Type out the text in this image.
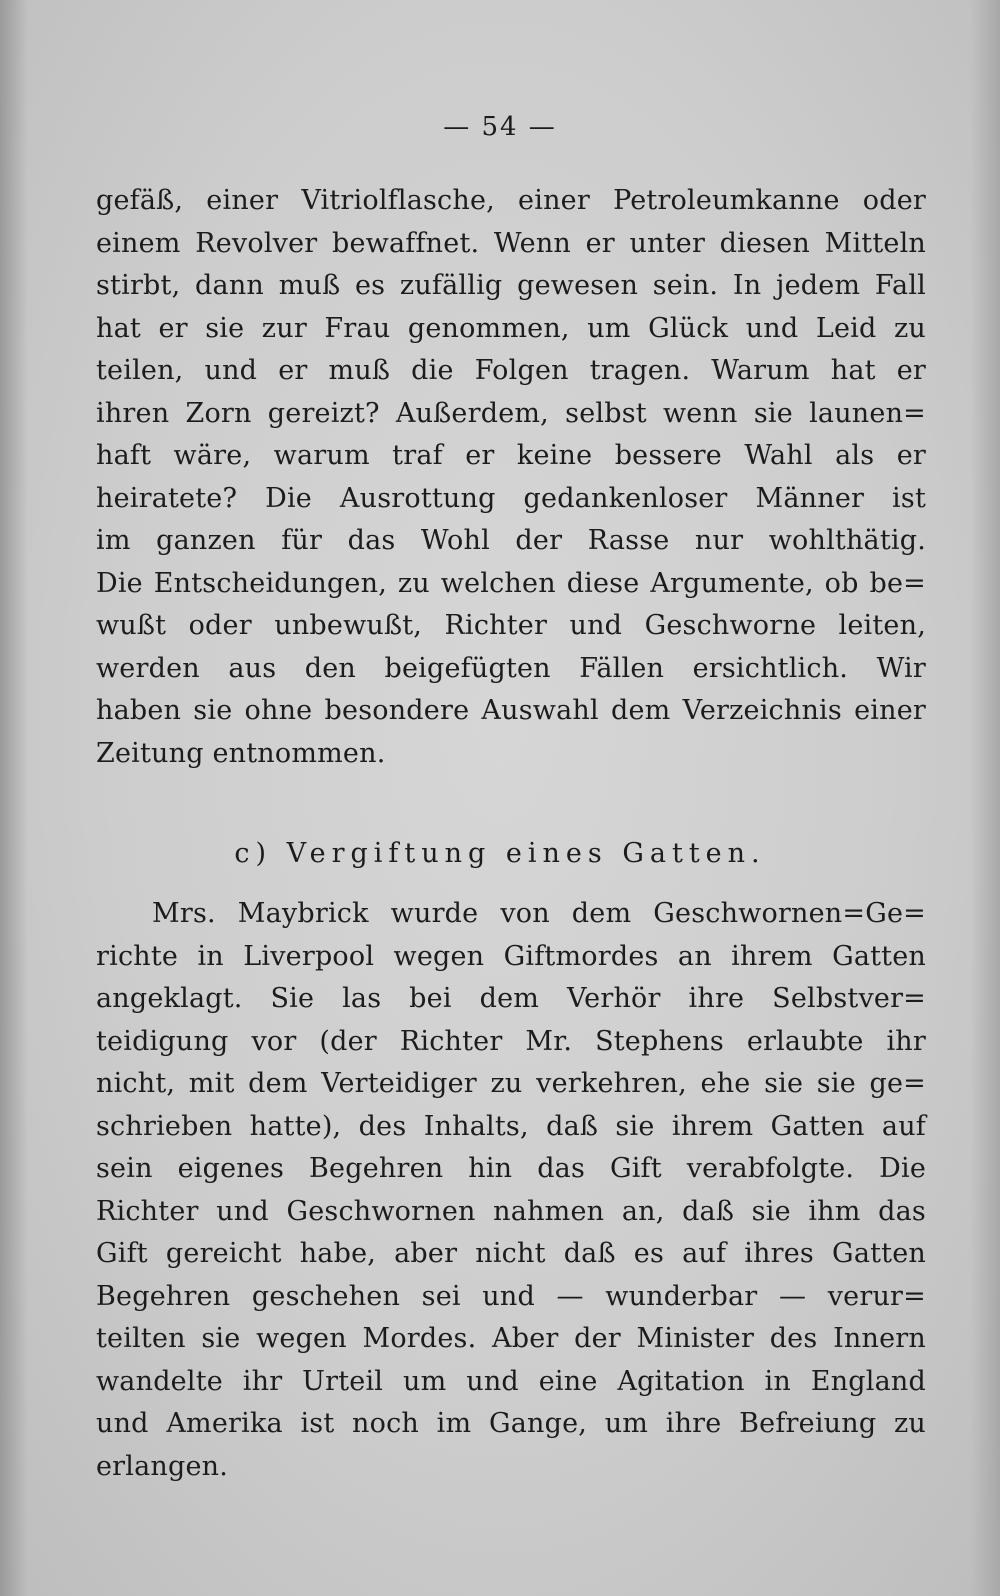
— 54 —
gefäß, einer Vitriolflasche, einer Petroleumkanne oder
einem Revolver bewaffnet. Wenn er unter diesen Mitteln
stirbt, dann muß es zufällig gewesen sein. In jedem Fall
hat er sie zur Frau genommen, um Glück und Leid zu
teilen, und er muß die Folgen tragen. Warum hat er
ihren Zorn gereizt? Außerdem, selbst wenn sie launen=
haft wäre, warum traf er keine bessere Wahl als er
heiratete? Die Ausrottung gedankenloser Männer ist
im ganzen für das Wohl der Rasse nur wohlthätig.
Die Entscheidungen, zu welchen diese Argumente, ob be=
wußt oder unbewußt, Richter und Geschworne leiten,
werden aus den beigefügten Fällen ersichtlich. Wir
haben sie ohne besondere Auswahl dem Verzeichnis einer
Zeitung entnommen.
c) Vergiftung eines Gatten.
Mrs. Maybrick wurde von dem Geschwornen=Ge=
richte in Liverpool wegen Giftmordes an ihrem Gatten
angeklagt. Sie las bei dem Verhör ihre Selbstver=
teidigung vor (der Richter Mr. Stephens erlaubte ihr
nicht, mit dem Verteidiger zu verkehren, ehe sie sie ge=
schrieben hatte), des Inhalts, daß sie ihrem Gatten auf
sein eigenes Begehren hin das Gift verabfolgte. Die
Richter und Geschwornen nahmen an, daß sie ihm das
Gift gereicht habe, aber nicht daß es auf ihres Gatten
Begehren geschehen sei und — wunderbar — verur=
teilten sie wegen Mordes. Aber der Minister des Innern
wandelte ihr Urteil um und eine Agitation in England
und Amerika ist noch im Gange, um ihre Befreiung zu
erlangen.
